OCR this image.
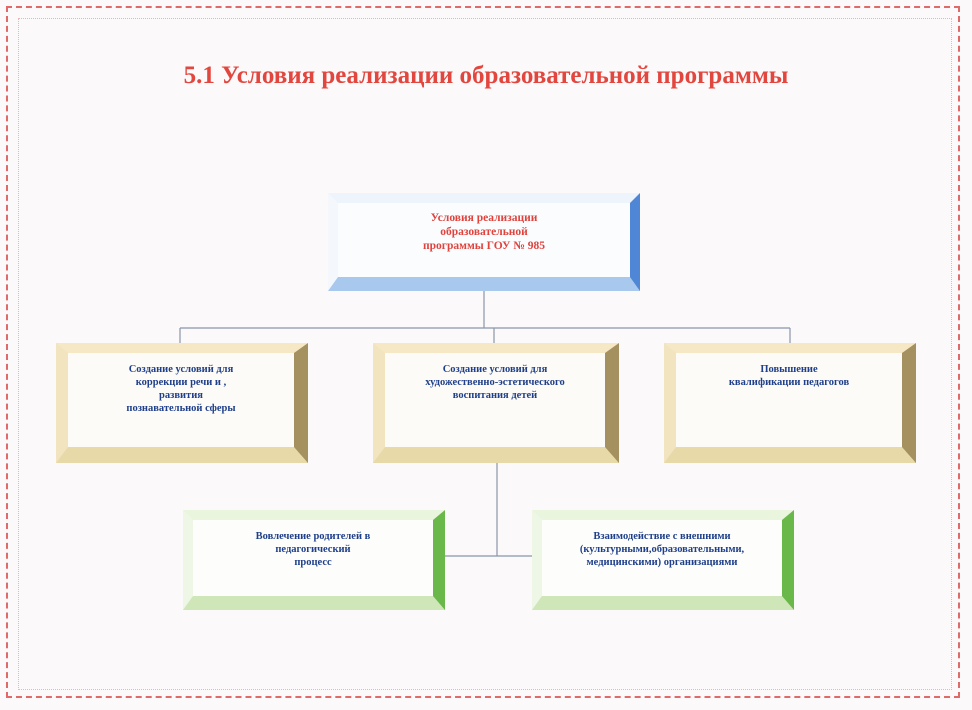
5.1 Условия реализации образовательной программы
Условия реализации
образовательной
программы ГОУ № 985
Создание условий для
коррекции речи и ,
развития
познавательной сферы
Создание условий для
художественно-эстетического
воспитания детей
Повышение
квалификации педагогов
Вовлечение родителей в
педагогический
процесс
Взаимодействие с внешними
(культурными,образовательными,
медицинскими) организациями
